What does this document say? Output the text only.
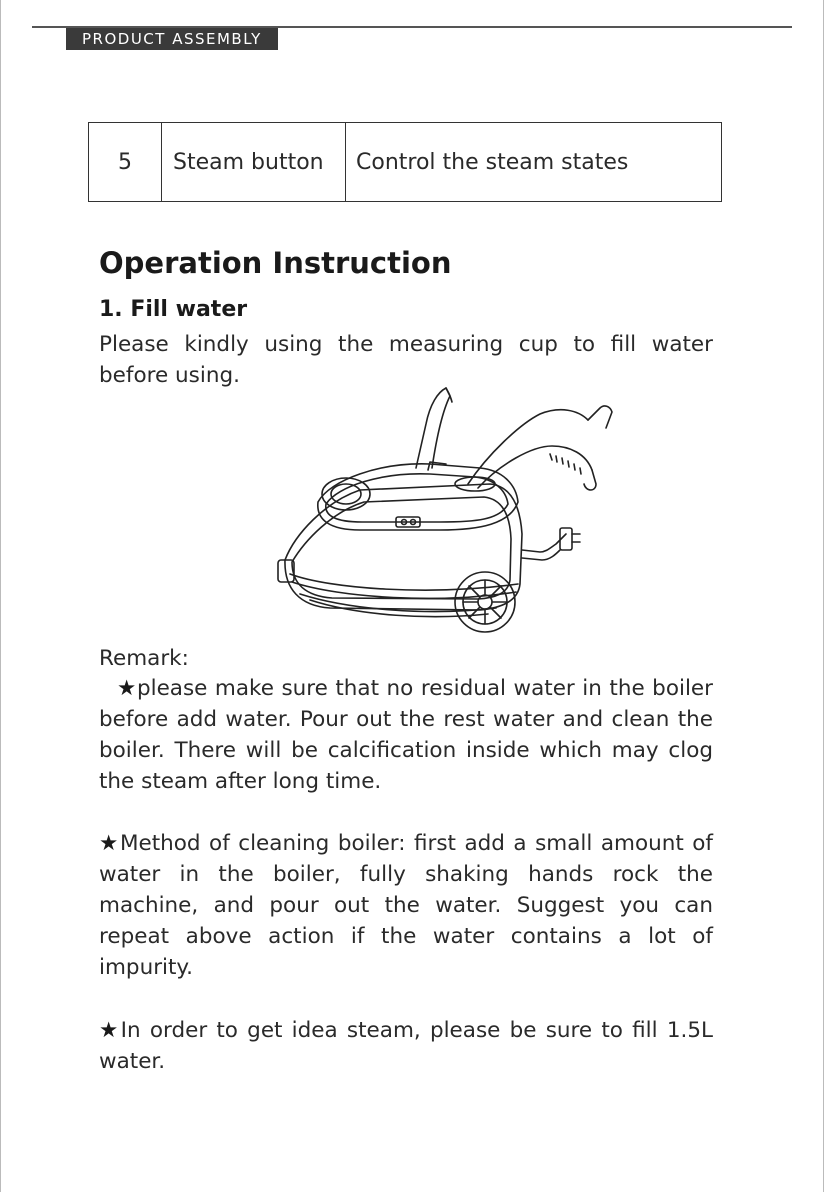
PRODUCT ASSEMBLY
5	Steam button	Control the steam states
Operation Instruction
1. Fill water

Please kindly using the measuring cup to fill water before using.

Remark:

★please make sure that no residual water in the boiler before add water. Pour out the rest water and clean the boiler. There will be calcification inside which may clog the steam after long time.

★Method of cleaning boiler: first add a small amount of water in the boiler, fully shaking hands rock the machine, and pour out the water. Suggest you can repeat above action if the water contains a lot of impurity.

★In order to get idea steam, please be sure to fill 1.5L water.
